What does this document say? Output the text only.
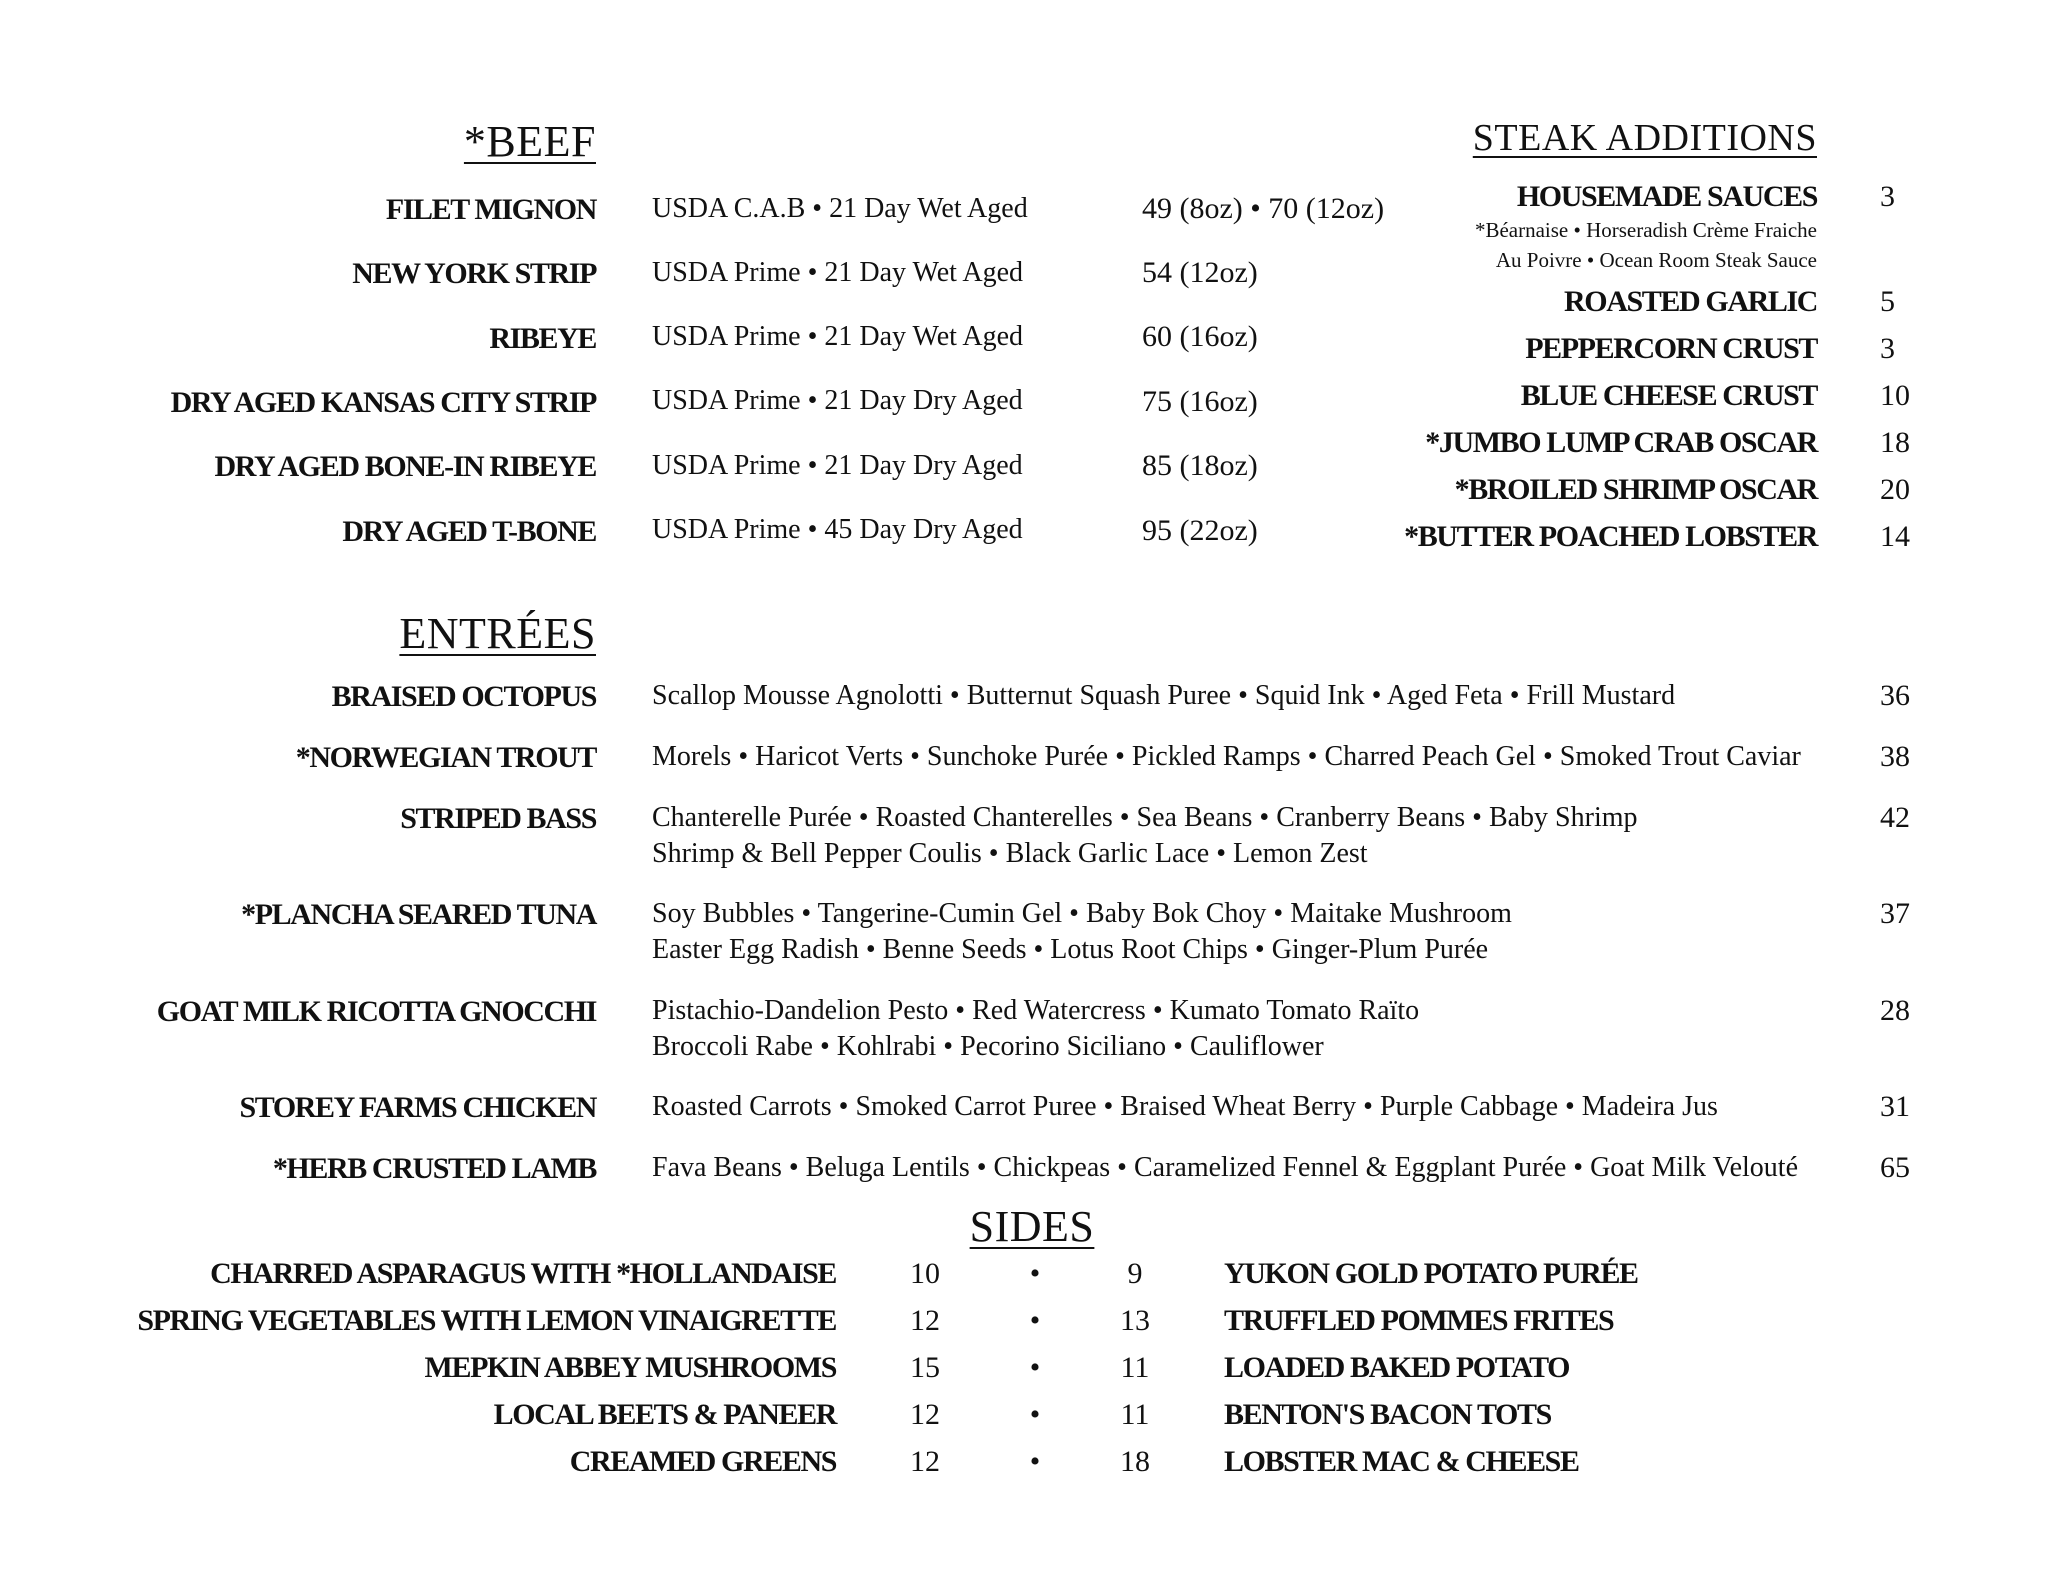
*BEEF
FILET MIGNON USDA C.A.B • 21 Day Wet Aged	49 (8oz) • 70 (12oz)
NEW YORK STRIP USDA Prime • 21 Day Wet Aged	54 (12oz)
RIBEYE USDA Prime • 21 Day Wet Aged	60 (16oz)
DRY AGED KANSAS CITY STRIP USDA Prime • 21 Day Dry Aged	75 (16oz)
DRY AGED BONE-IN RIBEYE USDA Prime • 21 Day Dry Aged	85 (18oz)
DRY AGED T-BONE USDA Prime • 45 Day Dry Aged	95 (22oz)
STEAK ADDITIONS
HOUSEMADE SAUCES 3
*Béarnaise • Horseradish Crème Fraiche
Au Poivre • Ocean Room Steak Sauce
ROASTED GARLIC 5
PEPPERCORN CRUST 3
BLUE CHEESE CRUST 10
*JUMBO LUMP CRAB OSCAR 18
*BROILED SHRIMP OSCAR 20
*BUTTER POACHED LOBSTER 14
ENTRÉES
BRAISED OCTOPUS Scallop Mousse Agnolotti • Butternut Squash Puree • Squid Ink • Aged Feta • Frill Mustard	36
*NORWEGIAN TROUT Morels • Haricot Verts • Sunchoke Purée • Pickled Ramps • Charred Peach Gel • Smoked Trout Caviar	38
STRIPED BASS Chanterelle Purée • Roasted Chanterelles • Sea Beans • Cranberry Beans • Baby Shrimp
Shrimp & Bell Pepper Coulis • Black Garlic Lace • Lemon Zest
42
*PLANCHA SEARED TUNA Soy Bubbles • Tangerine-Cumin Gel • Baby Bok Choy • Maitake Mushroom
Easter Egg Radish • Benne Seeds • Lotus Root Chips • Ginger-Plum Purée
37
GOAT MILK RICOTTA GNOCCHI Pistachio-Dandelion Pesto • Red Watercress • Kumato Tomato Raïto
Broccoli Rabe • Kohlrabi • Pecorino Siciliano • Cauliflower
28
STOREY FARMS CHICKEN Roasted Carrots • Smoked Carrot Puree • Braised Wheat Berry • Purple Cabbage • Madeira Jus	31
*HERB CRUSTED LAMB Fava Beans • Beluga Lentils • Chickpeas • Caramelized Fennel & Eggplant Purée • Goat Milk Velouté	65
SIDES
CHARRED ASPARAGUS WITH *HOLLANDAISE	10	•	9	YUKON GOLD POTATO PURÉE
SPRING VEGETABLES WITH LEMON VINAIGRETTE	12	•	13	TRUFFLED POMMES FRITES
MEPKIN ABBEY MUSHROOMS	15	•	11	LOADED BAKED POTATO
LOCAL BEETS & PANEER	12	•	11	BENTON'S BACON TOTS
CREAMED GREENS	12	•	18	LOBSTER MAC & CHEESE
